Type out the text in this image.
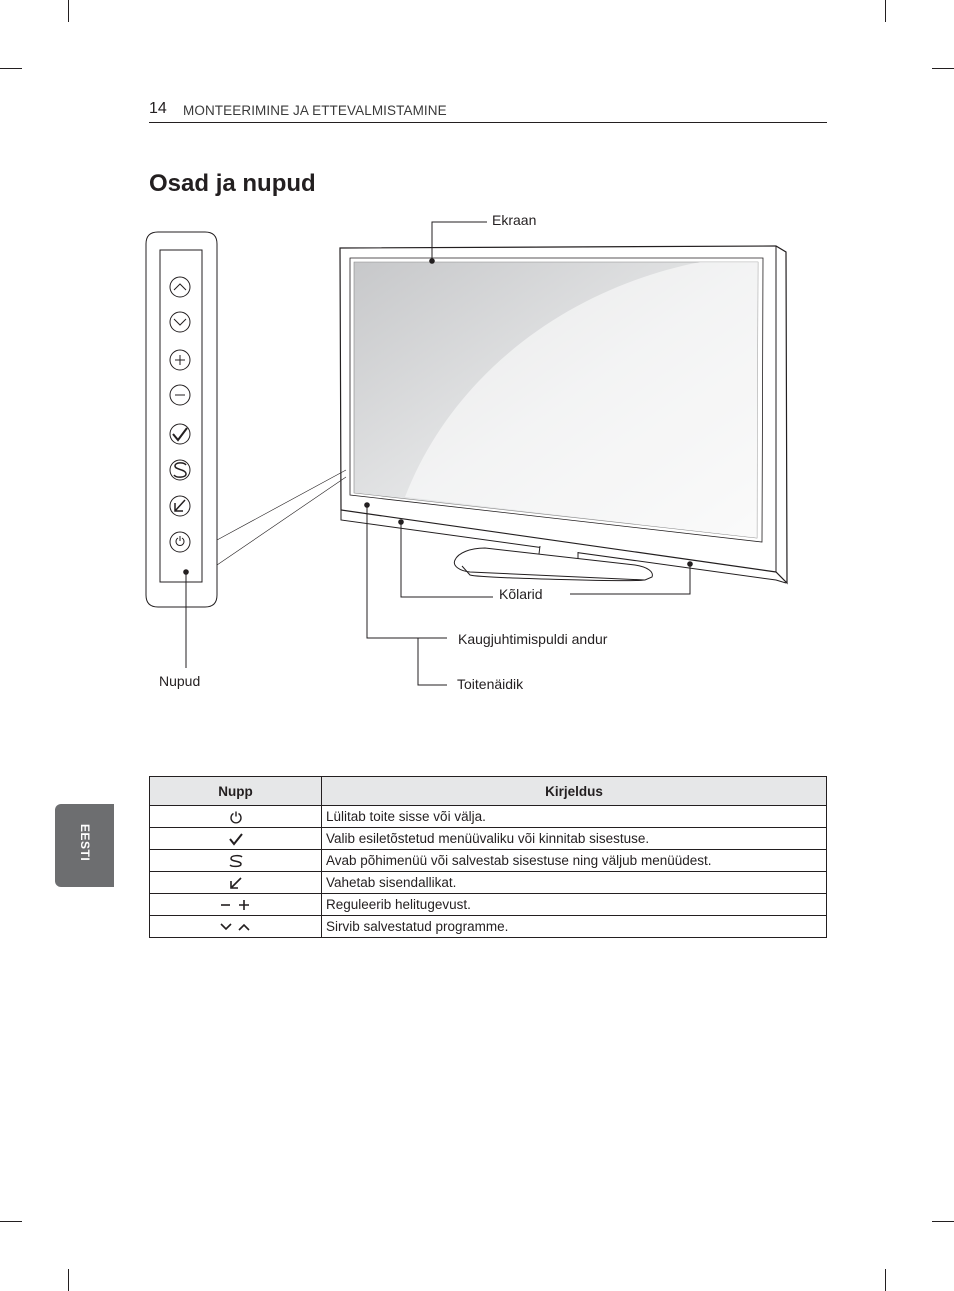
14 MONTEERIMINE JA ETTEVALMISTAMINE
Osad ja nupud
Ekraan
Kõlarid
Kaugjuhtimispuldi andur
Toitenäidik
Nupud
EESTI
Nupp	Kirjeldus
	Lülitab toite sisse või välja.
	Valib esiletõstetud menüüvaliku või kinnitab sisestuse.
	Avab põhimenüü või salvestab sisestuse ning väljub menüüdest.
	Vahetab sisendallikat.
	Reguleerib helitugevust.
	Sirvib salvestatud programme.
